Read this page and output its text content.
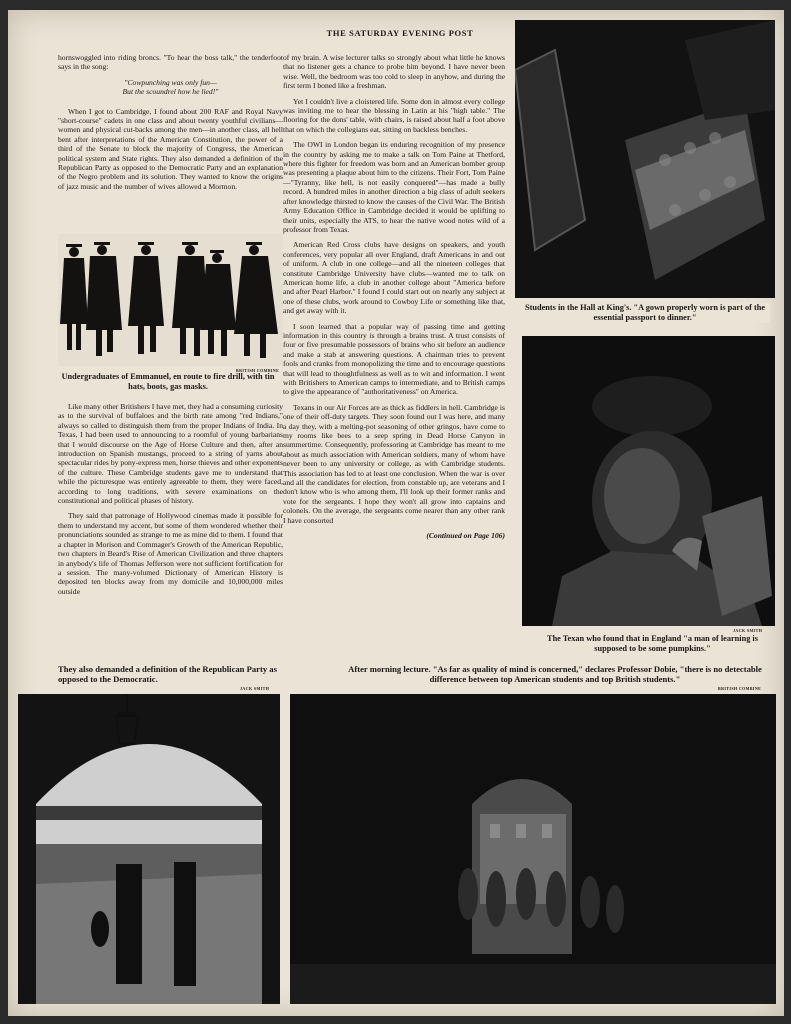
THE SATURDAY EVENING POST

hornswoggled into riding broncs. "To hear the boss talk," the tenderfoot says in the song:

"Cowpunching was only fun—
But the scoundrel how he lied!"

When I got to Cambridge, I found about 200 RAF and Royal Navy "short-course" cadets in one class and about twenty youthful civilians—women and physical cut-backs among the men—in another class, all hell bent after interpretations of the American Constitution, the power of a third of the Senate to block the majority of Congress, the American political system and State rights. They also demanded a definition of the Republican Party as opposed to the Democratic Party and an explanation of the Negro problem and its solution. They wanted to know the origins of jazz music and the number of wives allowed a Mormon.

BRITISH COMBINE
Undergraduates of Emmanuel, en route to fire drill, with tin hats, boots, gas masks.

Like many other Britishers I have met, they had a consuming curiosity as to the survival of buffaloes and the birth rate among "red Indians," always so called to distinguish them from the proper Indians of India. In Texas, I had been used to announcing to a roomful of young barbarians that I would discourse on the Age of Horse Culture and then, after an introduction on Spanish mustangs, proceed to a string of yarns about spectacular rides by pony-express men, horse thieves and other exponents of the culture. These Cambridge students gave me to understand that while the picturesque was entirely agreeable to them, they were faced, according to long traditions, with severe examinations on the constitutional and political phases of history.

They said that patronage of Hollywood cinemas made it possible for them to understand my accent, but some of them wondered whether their pronunciations sounded as strange to me as mine did to them. I found that a chapter in Morison and Commager's Growth of the American Republic, two chapters in Beard's Rise of American Civilization and three chapters in anybody's life of Thomas Jefferson were not sufficient fortification for a session. The many-volumed Dictionary of American History is deposited ten blocks away from my domicile and 10,000,000 miles outside

of my brain. A wise lecturer talks so strongly about what little he knows that no listener gets a chance to probe him beyond. I have never been wise. Well, the bedroom was too cold to sleep in anyhow, and during the first term I boned like a freshman.

Yet I couldn't live a cloistered life. Some don in almost every college was inviting me to hear the blessing in Latin at his "high table." The flooring for the dons' table, with chairs, is raised about half a foot above that on which the collegians eat, sitting on backless benches.

The OWI in London began its enduring recognition of my presence in the country by asking me to make a talk on Tom Paine at Thetford, where this fighter for freedom was born and an American bomber group was presenting a plaque about him to the citizens. Their Fort, Tom Paine—"Tyranny, like hell, is not easily conquered"—has made a bully record. A hundred miles in another direction a big class of adult seekers after knowledge thirsted to know the causes of the Civil War. The British Army Education Office in Cambridge decided it would be uplifting to their units, especially the ATS, to hear the native wood notes wild of a professor from Texas.

American Red Cross clubs have designs on speakers, and youth conferences, very popular all over England, draft Americans in and out of uniform. A club in one college—and all the nineteen colleges that constitute Cambridge University have clubs—wanted me to talk on American home life, a club in another college about "America before and after Pearl Harbor." I found I could start out on nearly any subject at one of these clubs, work around to Cowboy Life or something like that, and get away with it.

I soon learned that a popular way of passing time and getting information in this country is through a brains trust. A trust consists of four or five presumable possessors of brains who sit before an audience and make a stab at answering questions. A chairman tries to prevent fools and cranks from monopolizing the time and to encourage questions that will lead to thoughtfulness as well as to wit and information. I went with Britishers to American camps to intermediate, and to British camps to give the appearance of "authoritativeness" on America.

Texans in our Air Forces are as thick as fiddlers in hell. Cambridge is one of their off-duty targets. They soon found out I was here, and many a day they, with a melting-pot seasoning of other gringos, have come to my rooms like bees to a seep spring in Dead Horse Canyon in summertime. Consequently, professoring at Cambridge has meant to me about as much association with American soldiers, many of whom have never been to any university or college, as with Cambridge students. This association has led to at least one conclusion. When the war is over and all the candidates for election, from constable up, are veterans and I don't know who is who among them, I'll look up their former ranks and vote for the sergeants. I hope they won't all grow into captains and colonels. On the average, the sergeants come nearer than any other rank I have consorted

(Continued on Page 106)

BRITISH COMBINE
Students in the Hall at King's. "A gown properly worn is part of the essential passport to dinner."
JACK SMITH
The Texan who found that in England "a man of learning is supposed to be some pumpkins."
They also demanded a definition of the Republican Party as opposed to the Democratic.
JACK SMITH
After morning lecture. "As far as quality of mind is concerned," declares Professor Dobie, "there is no detectable difference between top American students and top British students."
BRITISH COMBINE
